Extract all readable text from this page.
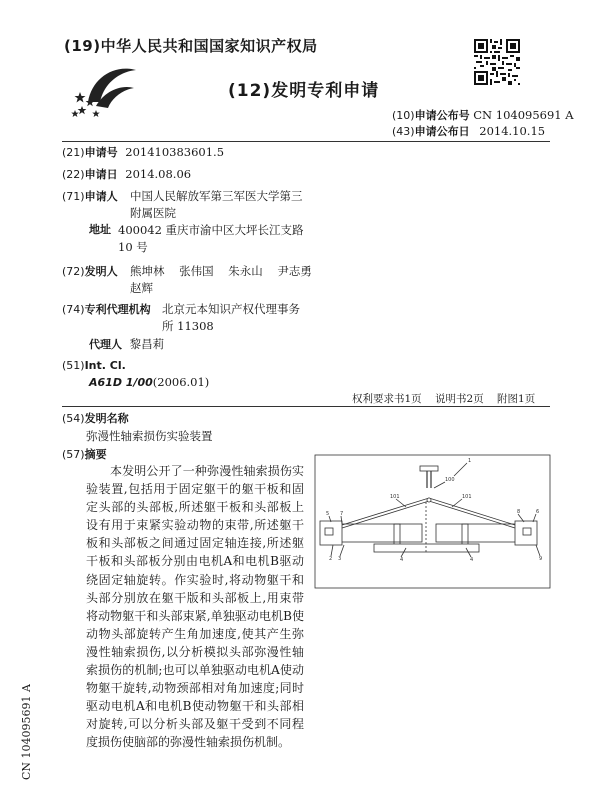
(19)中华人民共和国国家知识产权局
(12)发明专利申请
(10)申请公布号 CN 104095691 A
(43)申请公布日 2014.10.15
(21)申请号 201410383601.5
(22)申请日 2014.08.06
(71)申请人 中国人民解放军第三军医大学第三
附属医院
地址 400042 重庆市渝中区大坪长江支路
10 号
(72)发明人 熊坤林    张伟国    朱永山    尹志勇
赵辉
(74)专利代理机构 北京元本知识产权代理事务
所 11308
代理人 黎昌莉
(51)Int. Cl.
A61D 1/00(2006.01)
权利要求书1页    说明书2页    附图1页
(54)发明名称
弥漫性轴索损伤实验装置
(57)摘要

本发明公开了一种弥漫性轴索损伤实验装置,包括用于固定躯干的躯干板和固定头部的头部板,所述躯干板和头部板上设有用于束紧实验动物的束带,所述躯干板和头部板之间通过固定轴连接,所述躯干板和头部板分别由电机A和电机B驱动绕固定轴旋转。作实验时,将动物躯干和头部分别放在躯干版和头部板上,用束带将动物躯干和头部束紧,单独驱动电机B使动物头部旋转产生角加速度,使其产生弥漫性轴索损伤,以分析模拟头部弥漫性轴索损伤的机制;也可以单独驱动电机A使动物躯干旋转,动物颈部相对角加速度;同时驱动电机A和电机B使动物躯干和头部相对旋转,可以分析头部及躯干受到不同程度损伤使脑部的弥漫性轴索损伤机制。

1
100
101	101
5 7	8	6
2 3	4	4	9
CN 104095691 A
